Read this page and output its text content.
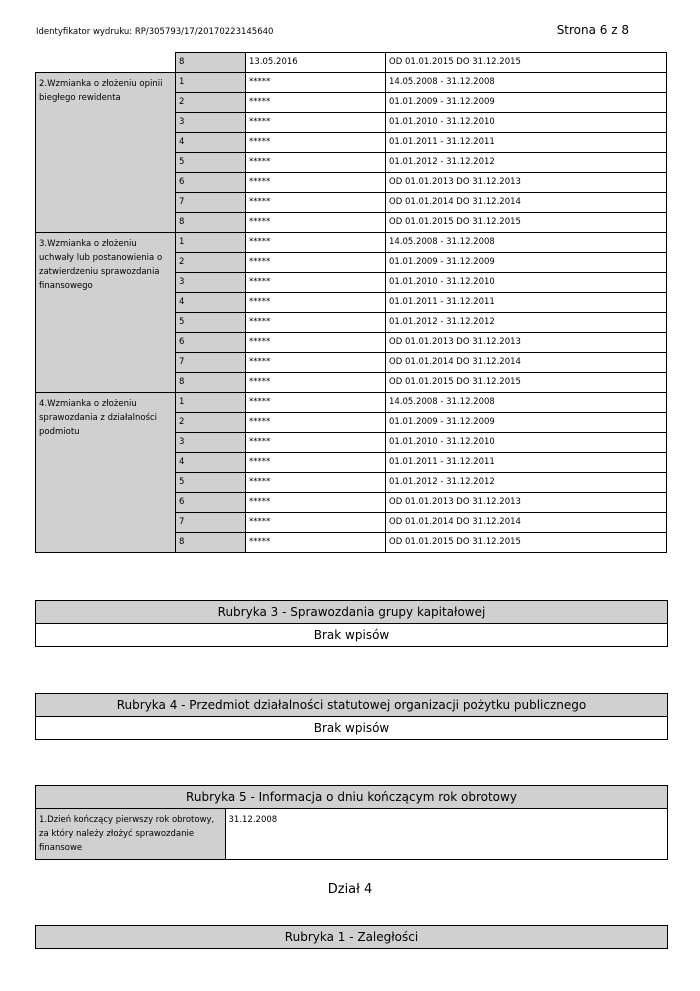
Identyfikator wydruku: RP/305793/17/20170223145640	Strona 6 z 8
	8	13.05.2016	OD 01.01.2015 DO 31.12.2015
2.Wzmianka o złożeniu opinii biegłego rewidenta	1	*****	14.05.2008 - 31.12.2008
	2	*****	01.01.2009 - 31.12.2009
	3	*****	01.01.2010 - 31.12.2010
	4	*****	01.01.2011 - 31.12.2011
	5	*****	01.01.2012 - 31.12.2012
	6	*****	OD 01.01.2013 DO 31.12.2013
	7	*****	OD 01.01.2014 DO 31.12.2014
	8	*****	OD 01.01.2015 DO 31.12.2015
3.Wzmianka o złożeniu uchwały lub postanowienia o zatwierdzeniu sprawozdania finansowego	1	*****	14.05.2008 - 31.12.2008
	2	*****	01.01.2009 - 31.12.2009
	3	*****	01.01.2010 - 31.12.2010
	4	*****	01.01.2011 - 31.12.2011
	5	*****	01.01.2012 - 31.12.2012
	6	*****	OD 01.01.2013 DO 31.12.2013
	7	*****	OD 01.01.2014 DO 31.12.2014
	8	*****	OD 01.01.2015 DO 31.12.2015
4.Wzmianka o złożeniu sprawozdania z działalności podmiotu	1	*****	14.05.2008 - 31.12.2008
	2	*****	01.01.2009 - 31.12.2009
	3	*****	01.01.2010 - 31.12.2010
	4	*****	01.01.2011 - 31.12.2011
	5	*****	01.01.2012 - 31.12.2012
	6	*****	OD 01.01.2013 DO 31.12.2013
	7	*****	OD 01.01.2014 DO 31.12.2014
	8	*****	OD 01.01.2015 DO 31.12.2015
Rubryka 3 - Sprawozdania grupy kapitałowej
Brak wpisów
Rubryka 4 - Przedmiot działalności statutowej organizacji pożytku publicznego
Brak wpisów
Rubryka 5 - Informacja o dniu kończącym rok obrotowy
1.Dzień kończący pierwszy rok obrotowy, za który należy złożyć sprawozdanie finansowe	31.12.2008
Dział 4
Rubryka 1 - Zaległości
